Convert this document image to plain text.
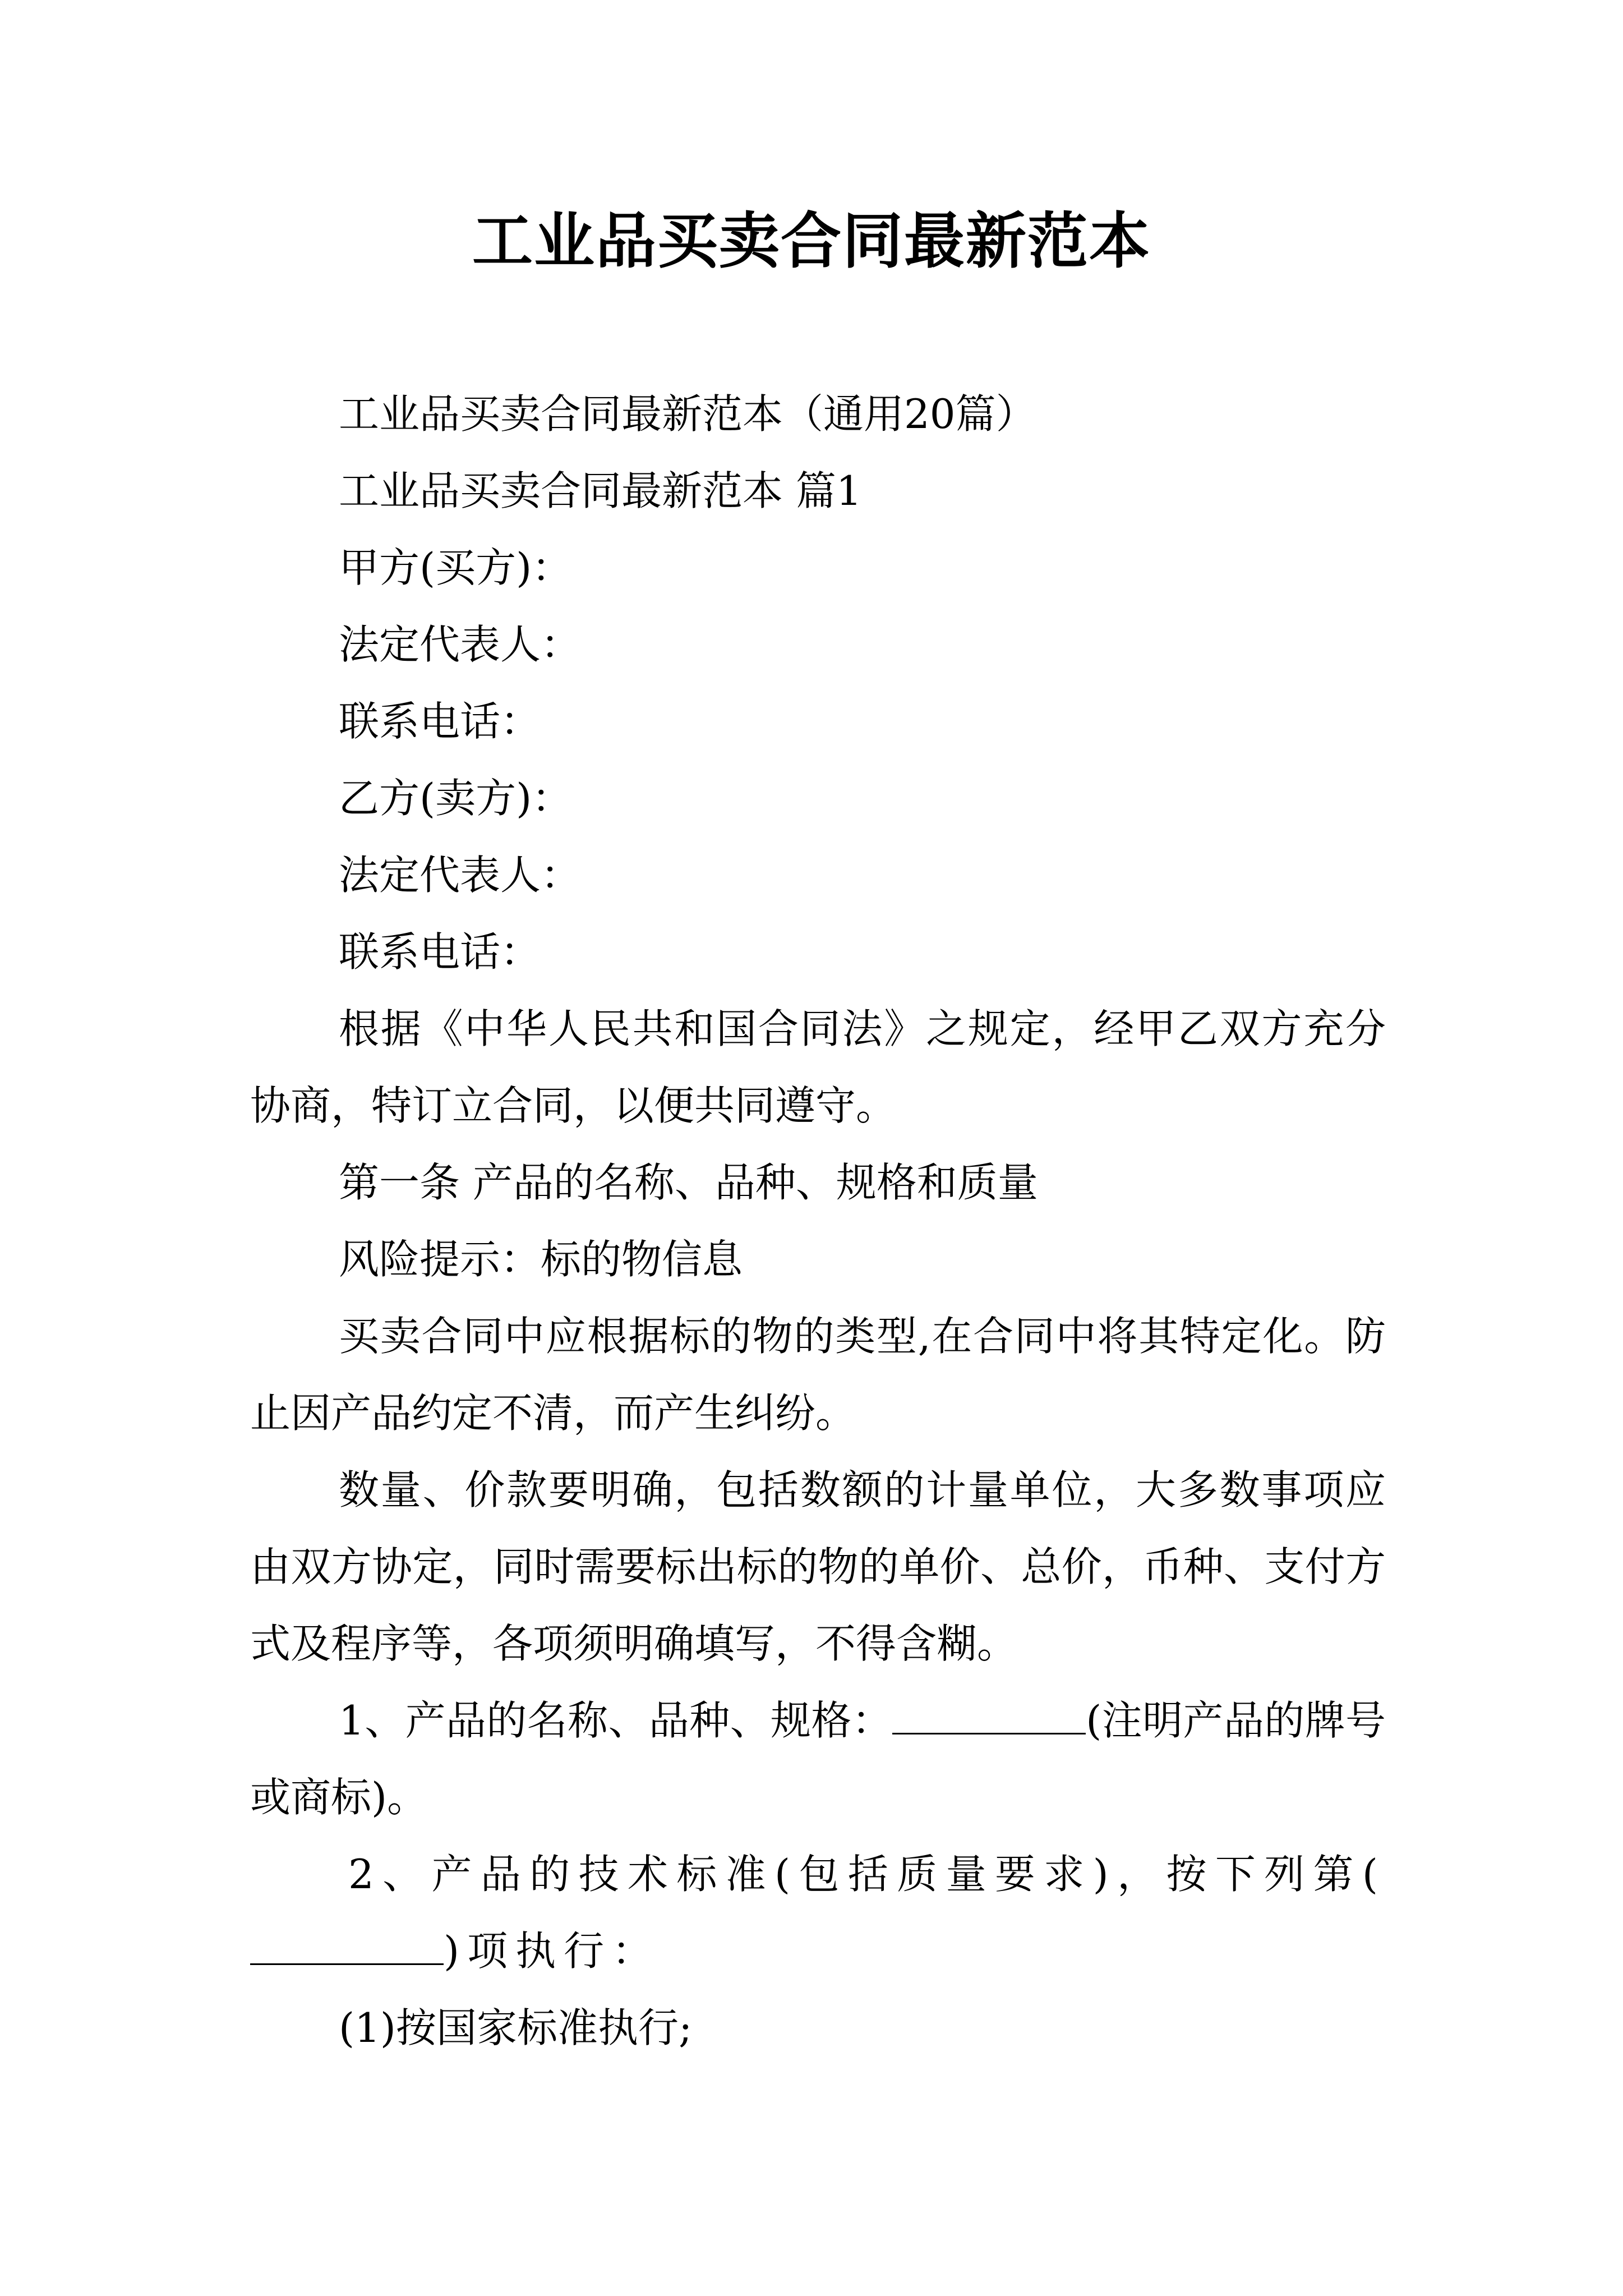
工业品买卖合同最新范本

工业品买卖合同最新范本（通用20篇）

工业品买卖合同最新范本 篇1

甲方(买方)：

法定代表人：

联系电话：

乙方(卖方)：

法定代表人：

联系电话：

根据《中华人民共和国合同法》之规定，经甲乙双方充分协商，特订立合同，以便共同遵守。

第一条 产品的名称、品种、规格和质量

风险提示：标的物信息

买卖合同中应根据标的物的类型,在合同中将其特定化。防止因产品约定不清，而产生纠纷。

数量、价款要明确，包括数额的计量单位，大多数事项应由双方协定，同时需要标出标的物的单价、总价，币种、支付方式及程序等，各项须明确填写，不得含糊。

1、产品的名称、品种、规格：	(注明产品的牌号或商标)。

2、产品的技术标准(包括质量要求)，按下列第()项执行：

(1)按国家标准执行;
